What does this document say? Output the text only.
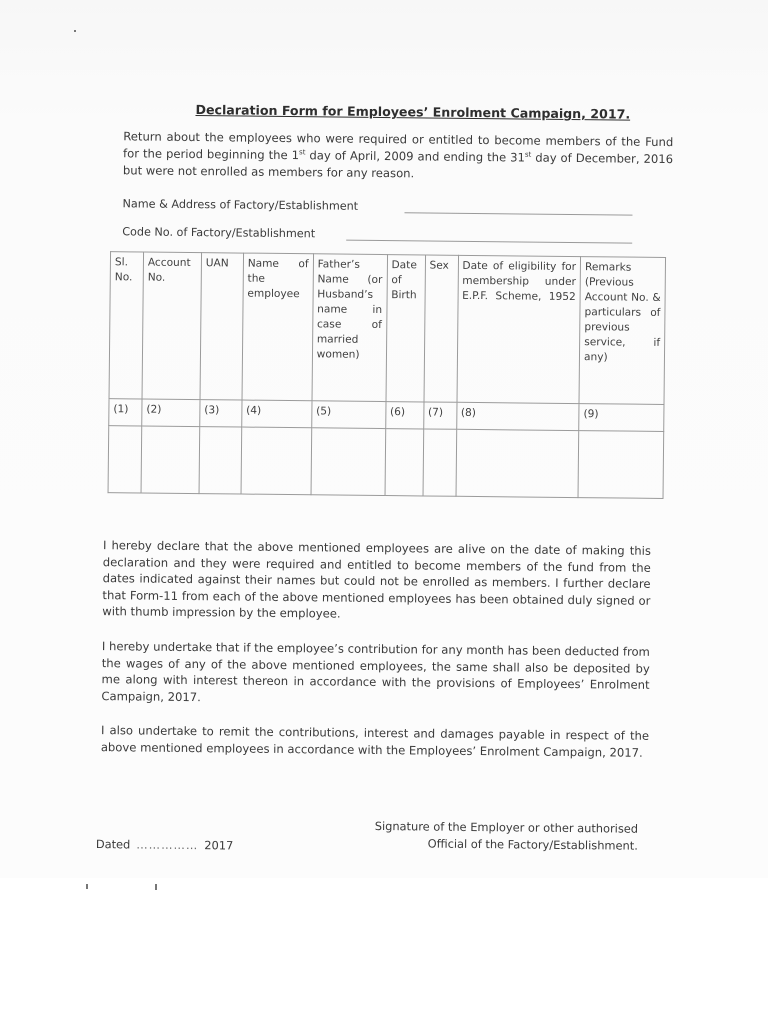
Declaration Form for Employees’ Enrolment Campaign, 2017.
Return about the employees who were required or entitled to become members of the Fund for the period beginning the 1st day of April, 2009 and ending the 31st day of December, 2016 but were not enrolled as members for any reason.
Name & Address of Factory/Establishment
Code No. of Factory/Establishment
Sl. No.	Account No.	UAN	Name of the employee	Father’s Name (or Husband’s name in case of married women)	Date of Birth	Sex	Date of eligibility for membership under E.P.F. Scheme, 1952	Remarks (Previous Account No. & particulars of previous service, if any)
(1)	(2)	(3)	(4)	(5)	(6)	(7)	(8)	(9)

I hereby declare that the above mentioned employees are alive on the date of making this declaration and they were required and entitled to become members of the fund from the dates indicated against their names but could not be enrolled as members. I further declare that Form-11 from each of the above mentioned employees has been obtained duly signed or with thumb impression by the employee.
I hereby undertake that if the employee’s contribution for any month has been deducted from the wages of any of the above mentioned employees, the same shall also be deposited by me along with interest thereon in accordance with the provisions of Employees’ Enrolment Campaign, 2017.
I also undertake to remit the contributions, interest and damages payable in respect of the above mentioned employees in accordance with the Employees’ Enrolment Campaign, 2017.
Signature of the Employer or other authorised
Official of the Factory/Establishment.
Dated …………… 2017
